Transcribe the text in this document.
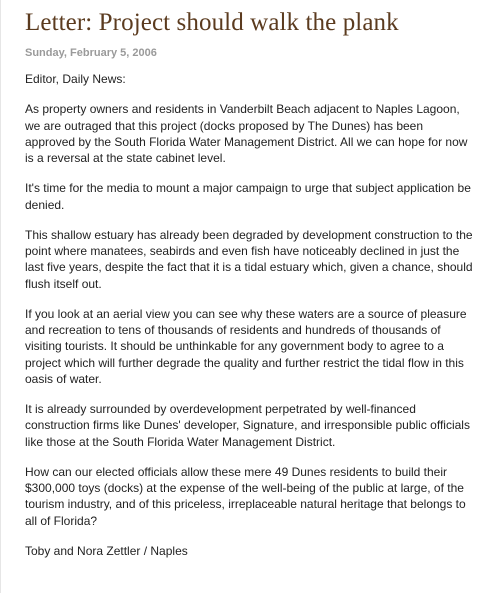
Letter: Project should walk the plank
Sunday, February 5, 2006

Editor, Daily News:

As property owners and residents in Vanderbilt Beach adjacent to Naples Lagoon, we are outraged that this project (docks proposed by The Dunes) has been approved by the South Florida Water Management District. All we can hope for now is a reversal at the state cabinet level.

It's time for the media to mount a major campaign to urge that subject application be denied.

This shallow estuary has already been degraded by development construction to the point where manatees, seabirds and even fish have noticeably declined in just the last five years, despite the fact that it is a tidal estuary which, given a chance, should flush itself out.

If you look at an aerial view you can see why these waters are a source of pleasure and recreation to tens of thousands of residents and hundreds of thousands of visiting tourists. It should be unthinkable for any government body to agree to a project which will further degrade the quality and further restrict the tidal flow in this oasis of water.

It is already surrounded by overdevelopment perpetrated by well-financed construction firms like Dunes' developer, Signature, and irresponsible public officials like those at the South Florida Water Management District.

How can our elected officials allow these mere 49 Dunes residents to build their $300,000 toys (docks) at the expense of the well-being of the public at large, of the tourism industry, and of this priceless, irreplaceable natural heritage that belongs to all of Florida?

Toby and Nora Zettler / Naples
